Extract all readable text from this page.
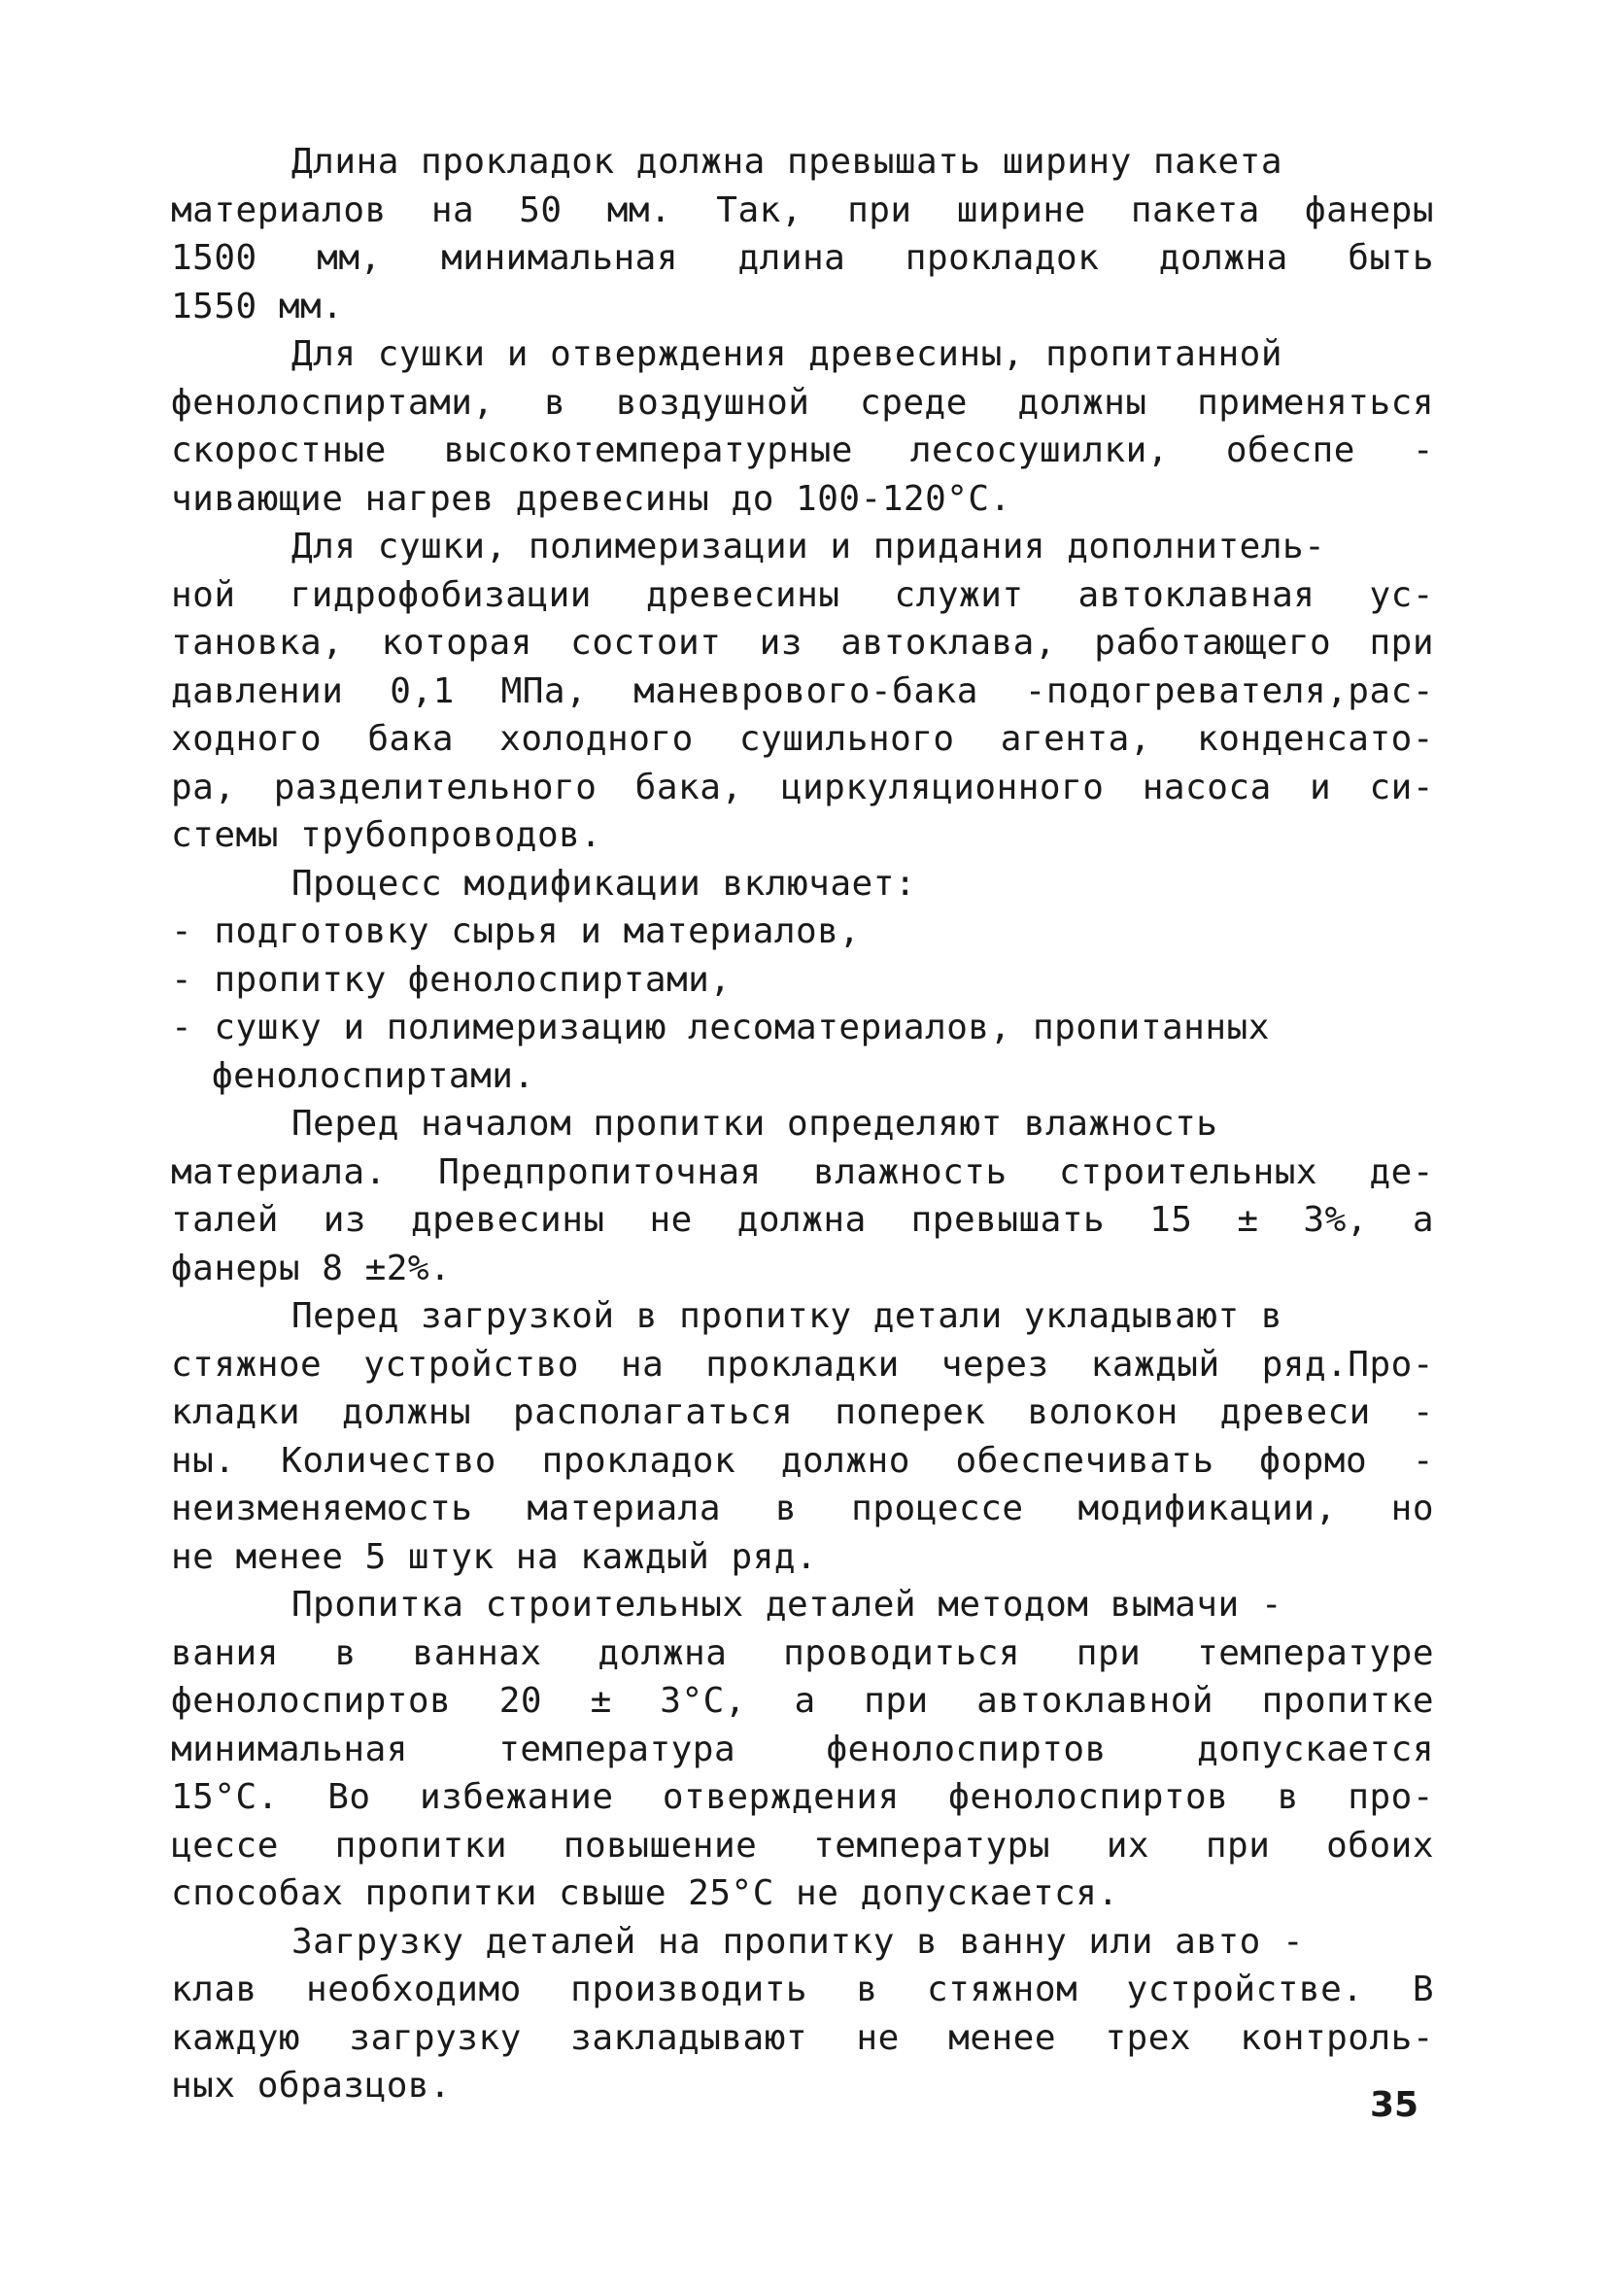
Длина прокладок должна превышать ширину пакета
материалов на 50 мм. Так, при ширине пакета фанеры
1500 мм, минимальная длина прокладок должна быть
1550 мм.
Для сушки и отверждения древесины, пропитанной
фенолоспиртами, в воздушной среде должны применяться
скоростные высокотемпературные лесосушилки, обеспе -
чивающие нагрев древесины до 100-120°С.
Для сушки, полимеризации и придания дополнитель-
ной гидрофобизации древесины служит автоклавная ус-
тановка, которая состоит из автоклава, работающего при
давлении 0,1 МПа, маневрового-бака -подогревателя,рас-
ходного бака холодного сушильного агента, конденсато-
ра, разделительного бака, циркуляционного насоса и си-
стемы трубопроводов.
Процесс модификации включает:
- подготовку сырья и материалов,
- пропитку фенолоспиртами,
- сушку и полимеризацию лесоматериалов, пропитанных
фенолоспиртами.
Перед началом пропитки определяют влажность
материала. Предпропиточная влажность строительных де-
талей из древесины не должна превышать 15 ± 3%, а
фанеры 8 ±2%.
Перед загрузкой в пропитку детали укладывают в
стяжное устройство на прокладки через каждый ряд.Про-
кладки должны располагаться поперек волокон древеси -
ны. Количество прокладок должно обеспечивать формо -
неизменяемость материала в процессе модификации, но
не менее 5 штук на каждый ряд.
Пропитка строительных деталей методом вымачи -
вания в ваннах должна проводиться при температуре
фенолоспиртов 20 ± 3°С, а при автоклавной пропитке
минимальная температура фенолоспиртов допускается
15°С. Во избежание отверждения фенолоспиртов в про-
цессе пропитки повышение температуры их при обоих
способах пропитки свыше 25°С не допускается.
Загрузку деталей на пропитку в ванну или авто -
клав необходимо производить в стяжном устройстве. В
каждую загрузку закладывают не менее трех контроль-
ных образцов.	35
